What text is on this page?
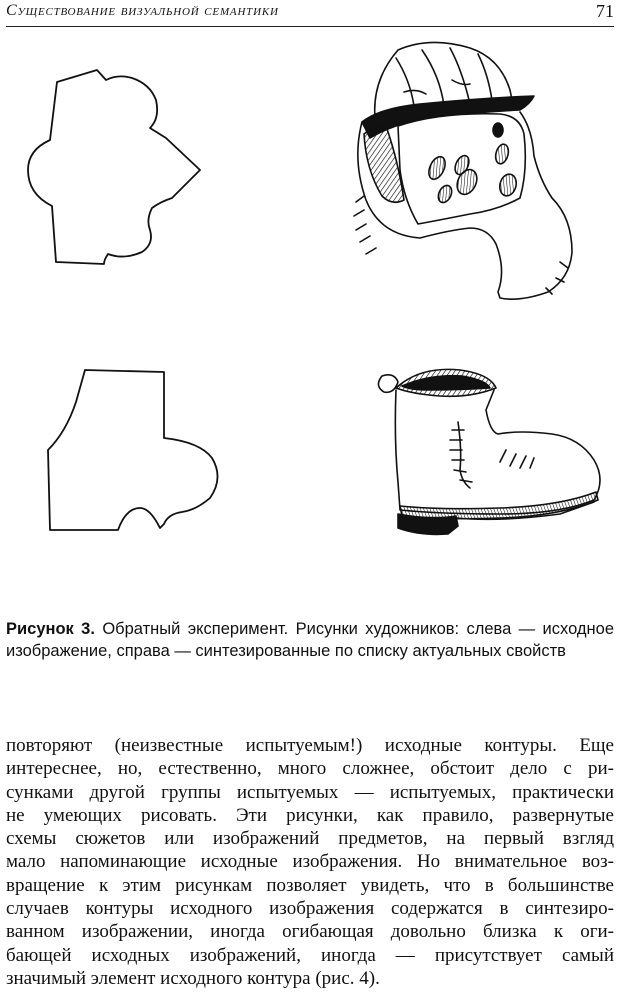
Существование визуальной семантики	71
Рисунок 3. Обратный эксперимент. Рисунки художников: слева — исходное изображение, справа — синтезированные по списку актуальных свойств
повторяют (неизвестные испытуемым!) исходные контуры. Еще
интереснее, но, естественно, много сложнее, обстоит дело с ри-
сунками другой группы испытуемых — испытуемых, практически
не умеющих рисовать. Эти рисунки, как правило, развернутые
схемы сюжетов или изображений предметов, на первый взгляд
мало напоминающие исходные изображения. Но внимательное воз-
вращение к этим рисункам позволяет увидеть, что в большинстве
случаев контуры исходного изображения содержатся в синтезиро-
ванном изображении, иногда огибающая довольно близка к оги-
бающей исходных изображений, иногда — присутствует самый
значимый элемент исходного контура (рис. 4).
